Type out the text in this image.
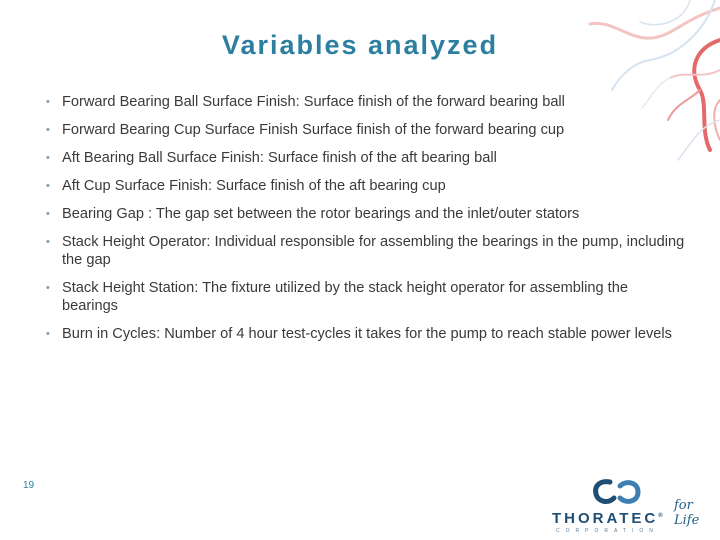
Variables analyzed
• Forward Bearing Ball Surface Finish: Surface finish of the forward bearing ball
• Forward Bearing Cup Surface Finish Surface finish of the forward bearing cup
• Aft Bearing Ball Surface Finish: Surface finish of the aft bearing ball
• Aft Cup Surface Finish: Surface finish of the aft bearing cup
• Bearing Gap : The gap set between the rotor bearings and the inlet/outer stators
• Stack Height Operator: Individual responsible for assembling the bearings in the pump, including the gap
• Stack Height Station: The fixture utilized by the stack height operator for assembling the bearings
• Burn in Cycles: Number of 4 hour test-cycles it takes for the pump to reach stable power levels
19
THORATEC®
CORPORATION
for Life
